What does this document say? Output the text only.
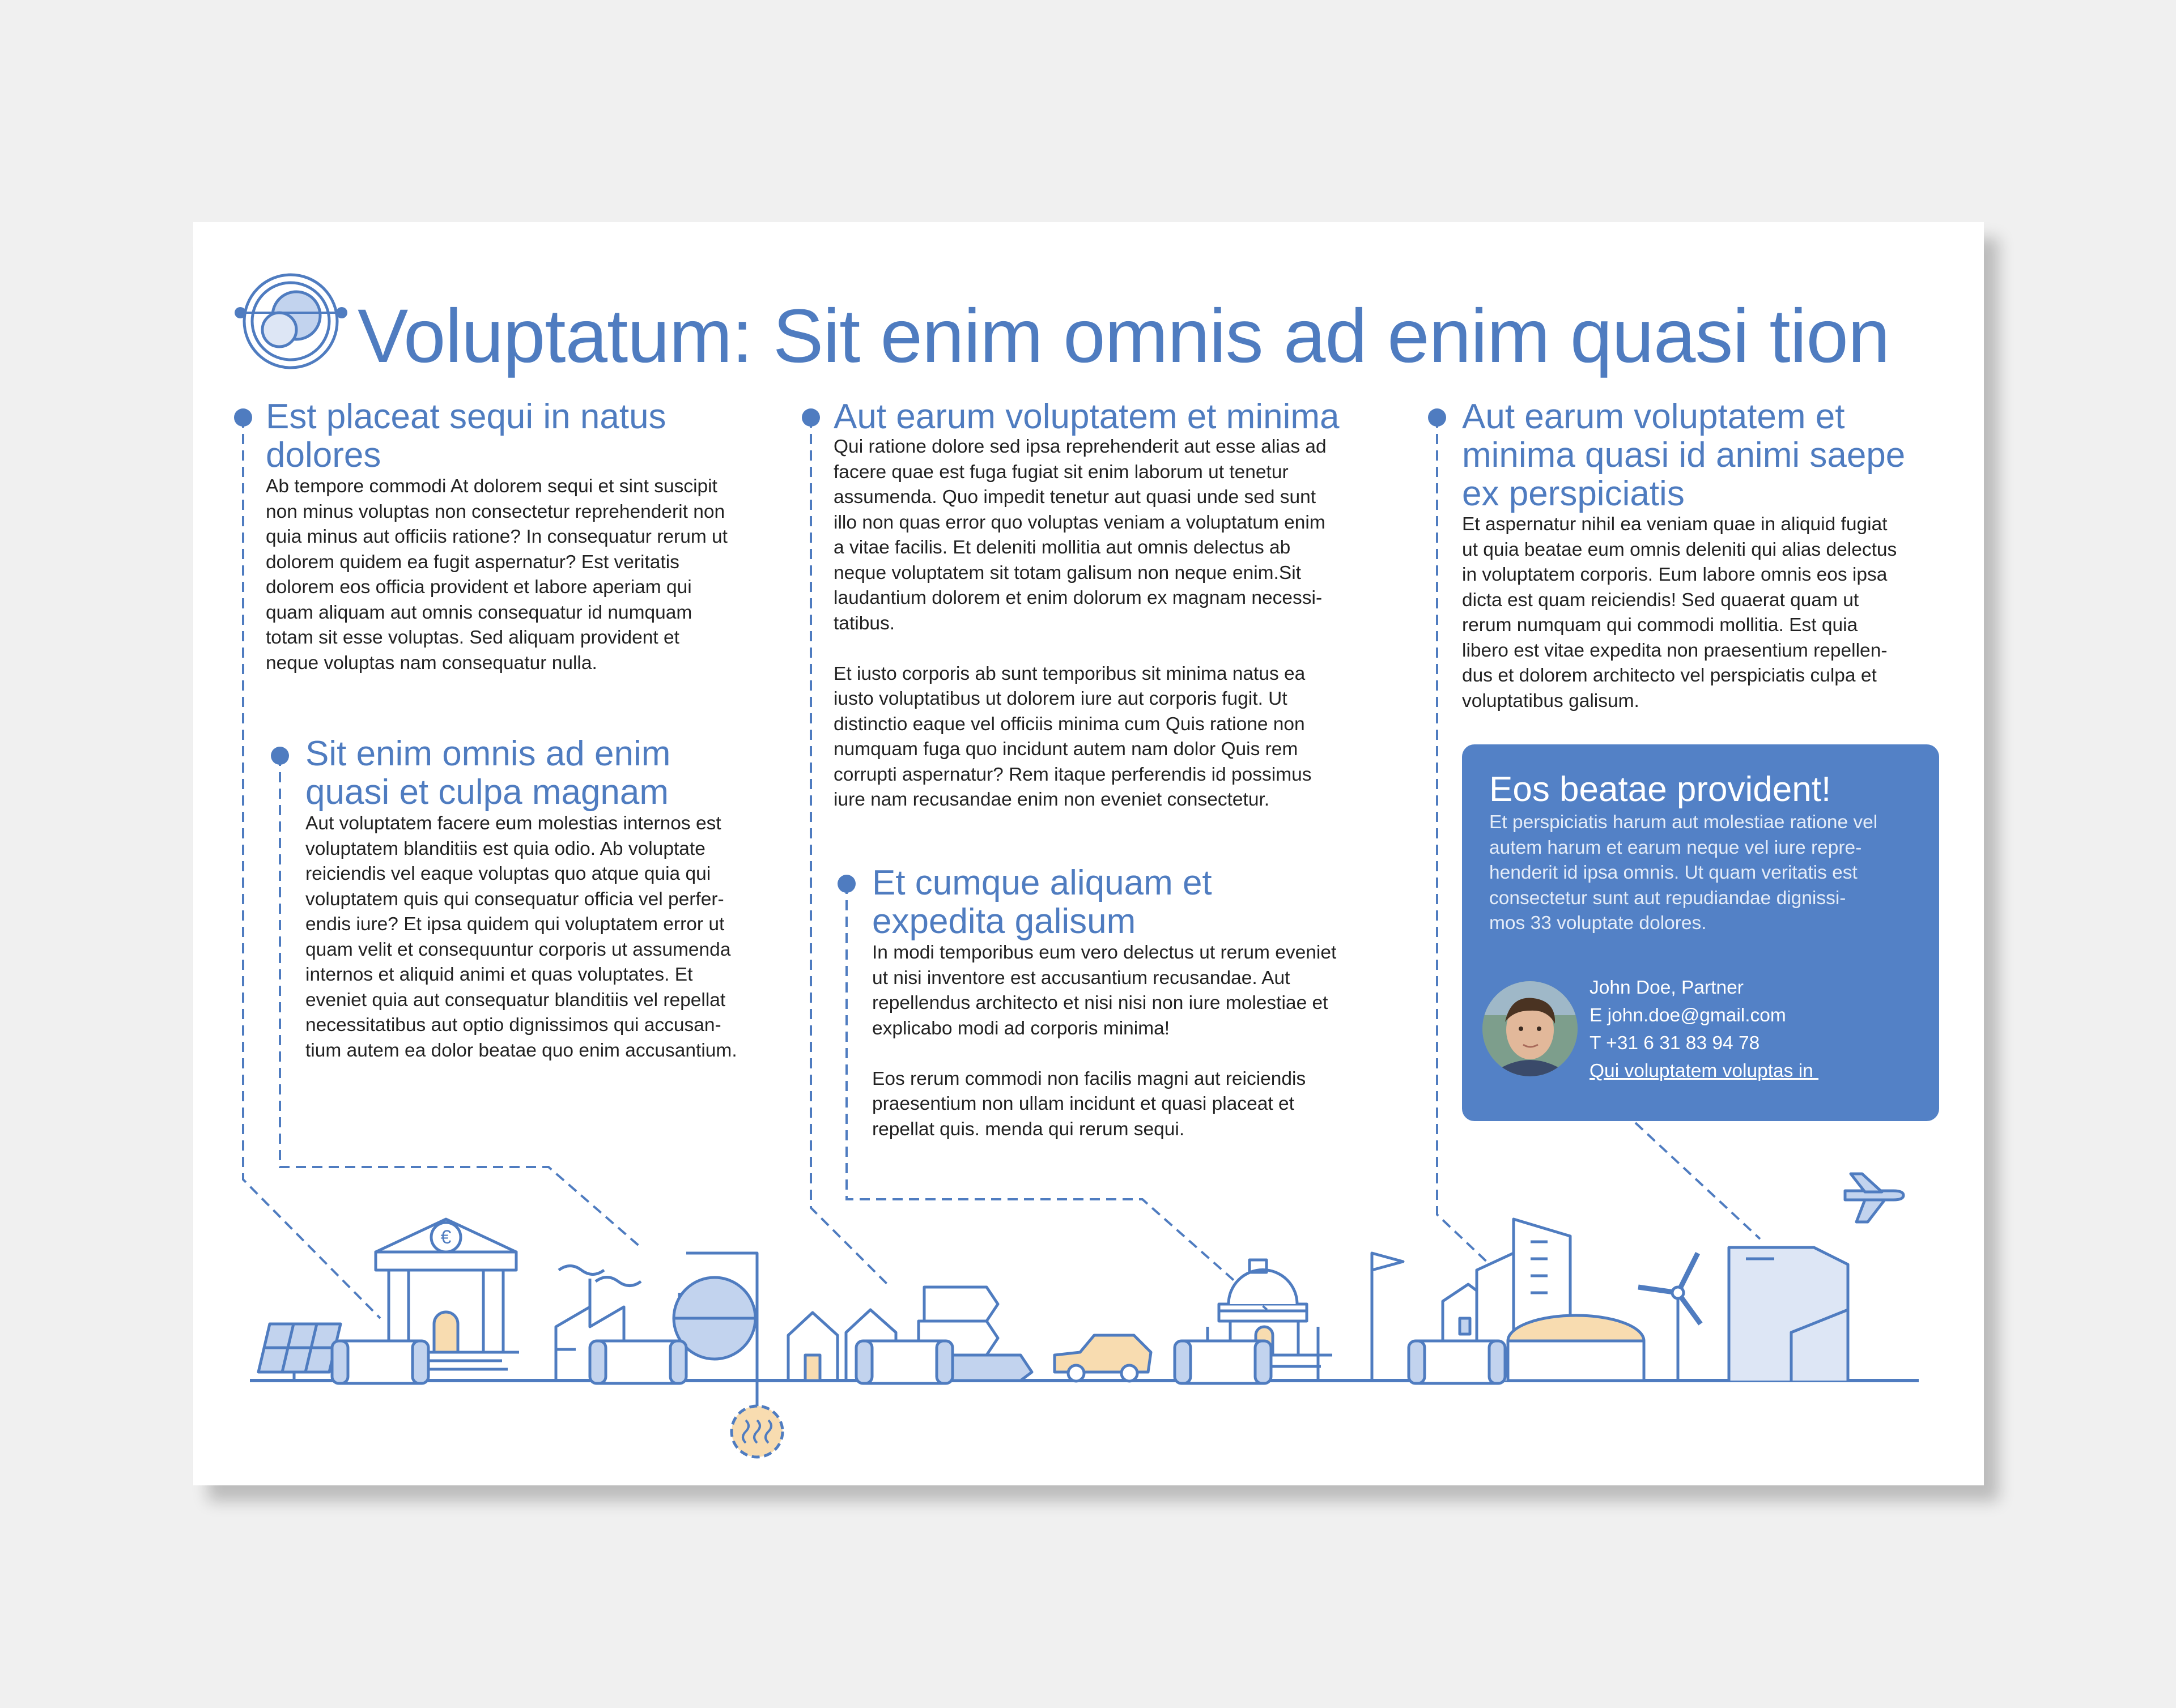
€
Voluptatum: Sit enim omnis ad enim quasi tion
Est placeat sequi in natus
dolores

Ab tempore commodi At dolorem sequi et sint suscipit
non minus voluptas non consectetur reprehenderit non
quia minus aut officiis ratione? In consequatur rerum ut
dolorem quidem ea fugit aspernatur? Est veritatis
dolorem eos officia provident et labore aperiam qui
quam aliquam aut omnis consequatur id numquam
totam sit esse voluptas. Sed aliquam provident et
neque voluptas nam consequatur nulla.

Sit enim omnis ad enim
quasi et culpa magnam

Aut voluptatem facere eum molestias internos est
voluptatem blanditiis est quia odio. Ab voluptate
reiciendis vel eaque voluptas quo atque quia qui
voluptatem quis qui consequatur officia vel perfer-
endis iure? Et ipsa quidem qui voluptatem error ut
quam velit et consequuntur corporis ut assumenda
internos et aliquid animi et quas voluptates. Et
eveniet quia aut consequatur blanditiis vel repellat
necessitatibus aut optio dignissimos qui accusan-
tium autem ea dolor beatae quo enim accusantium.

Aut earum voluptatem et minima

Qui ratione dolore sed ipsa reprehenderit aut esse alias ad
facere quae est fuga fugiat sit enim laborum ut tenetur
assumenda. Quo impedit tenetur aut quasi unde sed sunt
illo non quas error quo voluptas veniam a voluptatum enim
a vitae facilis. Et deleniti mollitia aut omnis delectus ab
neque voluptatem sit totam galisum non neque enim.Sit
laudantium dolorem et enim dolorum ex magnam necessi-
tatibus.

Et iusto corporis ab sunt temporibus sit minima natus ea
iusto voluptatibus ut dolorem iure aut corporis fugit. Ut
distinctio eaque vel officiis minima cum Quis ratione non
numquam fuga quo incidunt autem nam dolor Quis rem
corrupti aspernatur? Rem itaque perferendis id possimus
iure nam recusandae enim non eveniet consectetur.

Et cumque aliquam et
expedita galisum

In modi temporibus eum vero delectus ut rerum eveniet
ut nisi inventore est accusantium recusandae. Aut
repellendus architecto et nisi nisi non iure molestiae et
explicabo modi ad corporis minima!

Eos rerum commodi non facilis magni aut reiciendis
praesentium non ullam incidunt et quasi placeat et
repellat quis. menda qui rerum sequi.

Aut earum voluptatem et
minima quasi id animi saepe
ex perspiciatis

Et aspernatur nihil ea veniam quae in aliquid fugiat
ut quia beatae eum omnis deleniti qui alias delectus
in voluptatem corporis. Eum labore omnis eos ipsa
dicta est quam reiciendis! Sed quaerat quam ut
rerum numquam qui commodi mollitia. Est quia
libero est vitae expedita non praesentium repellen-
dus et dolorem architecto vel perspiciatis culpa et
voluptatibus galisum.

Eos beatae provident!
Et perspiciatis harum aut molestiae ratione vel
autem harum et earum neque vel iure repre-
henderit id ipsa omnis. Ut quam veritatis est
consectetur sunt aut repudiandae dignissi-
mos 33 voluptate dolores.
John Doe, Partner
E john.doe@gmail.com
T +31 6 31 83 94 78
Qui voluptatem voluptas in
